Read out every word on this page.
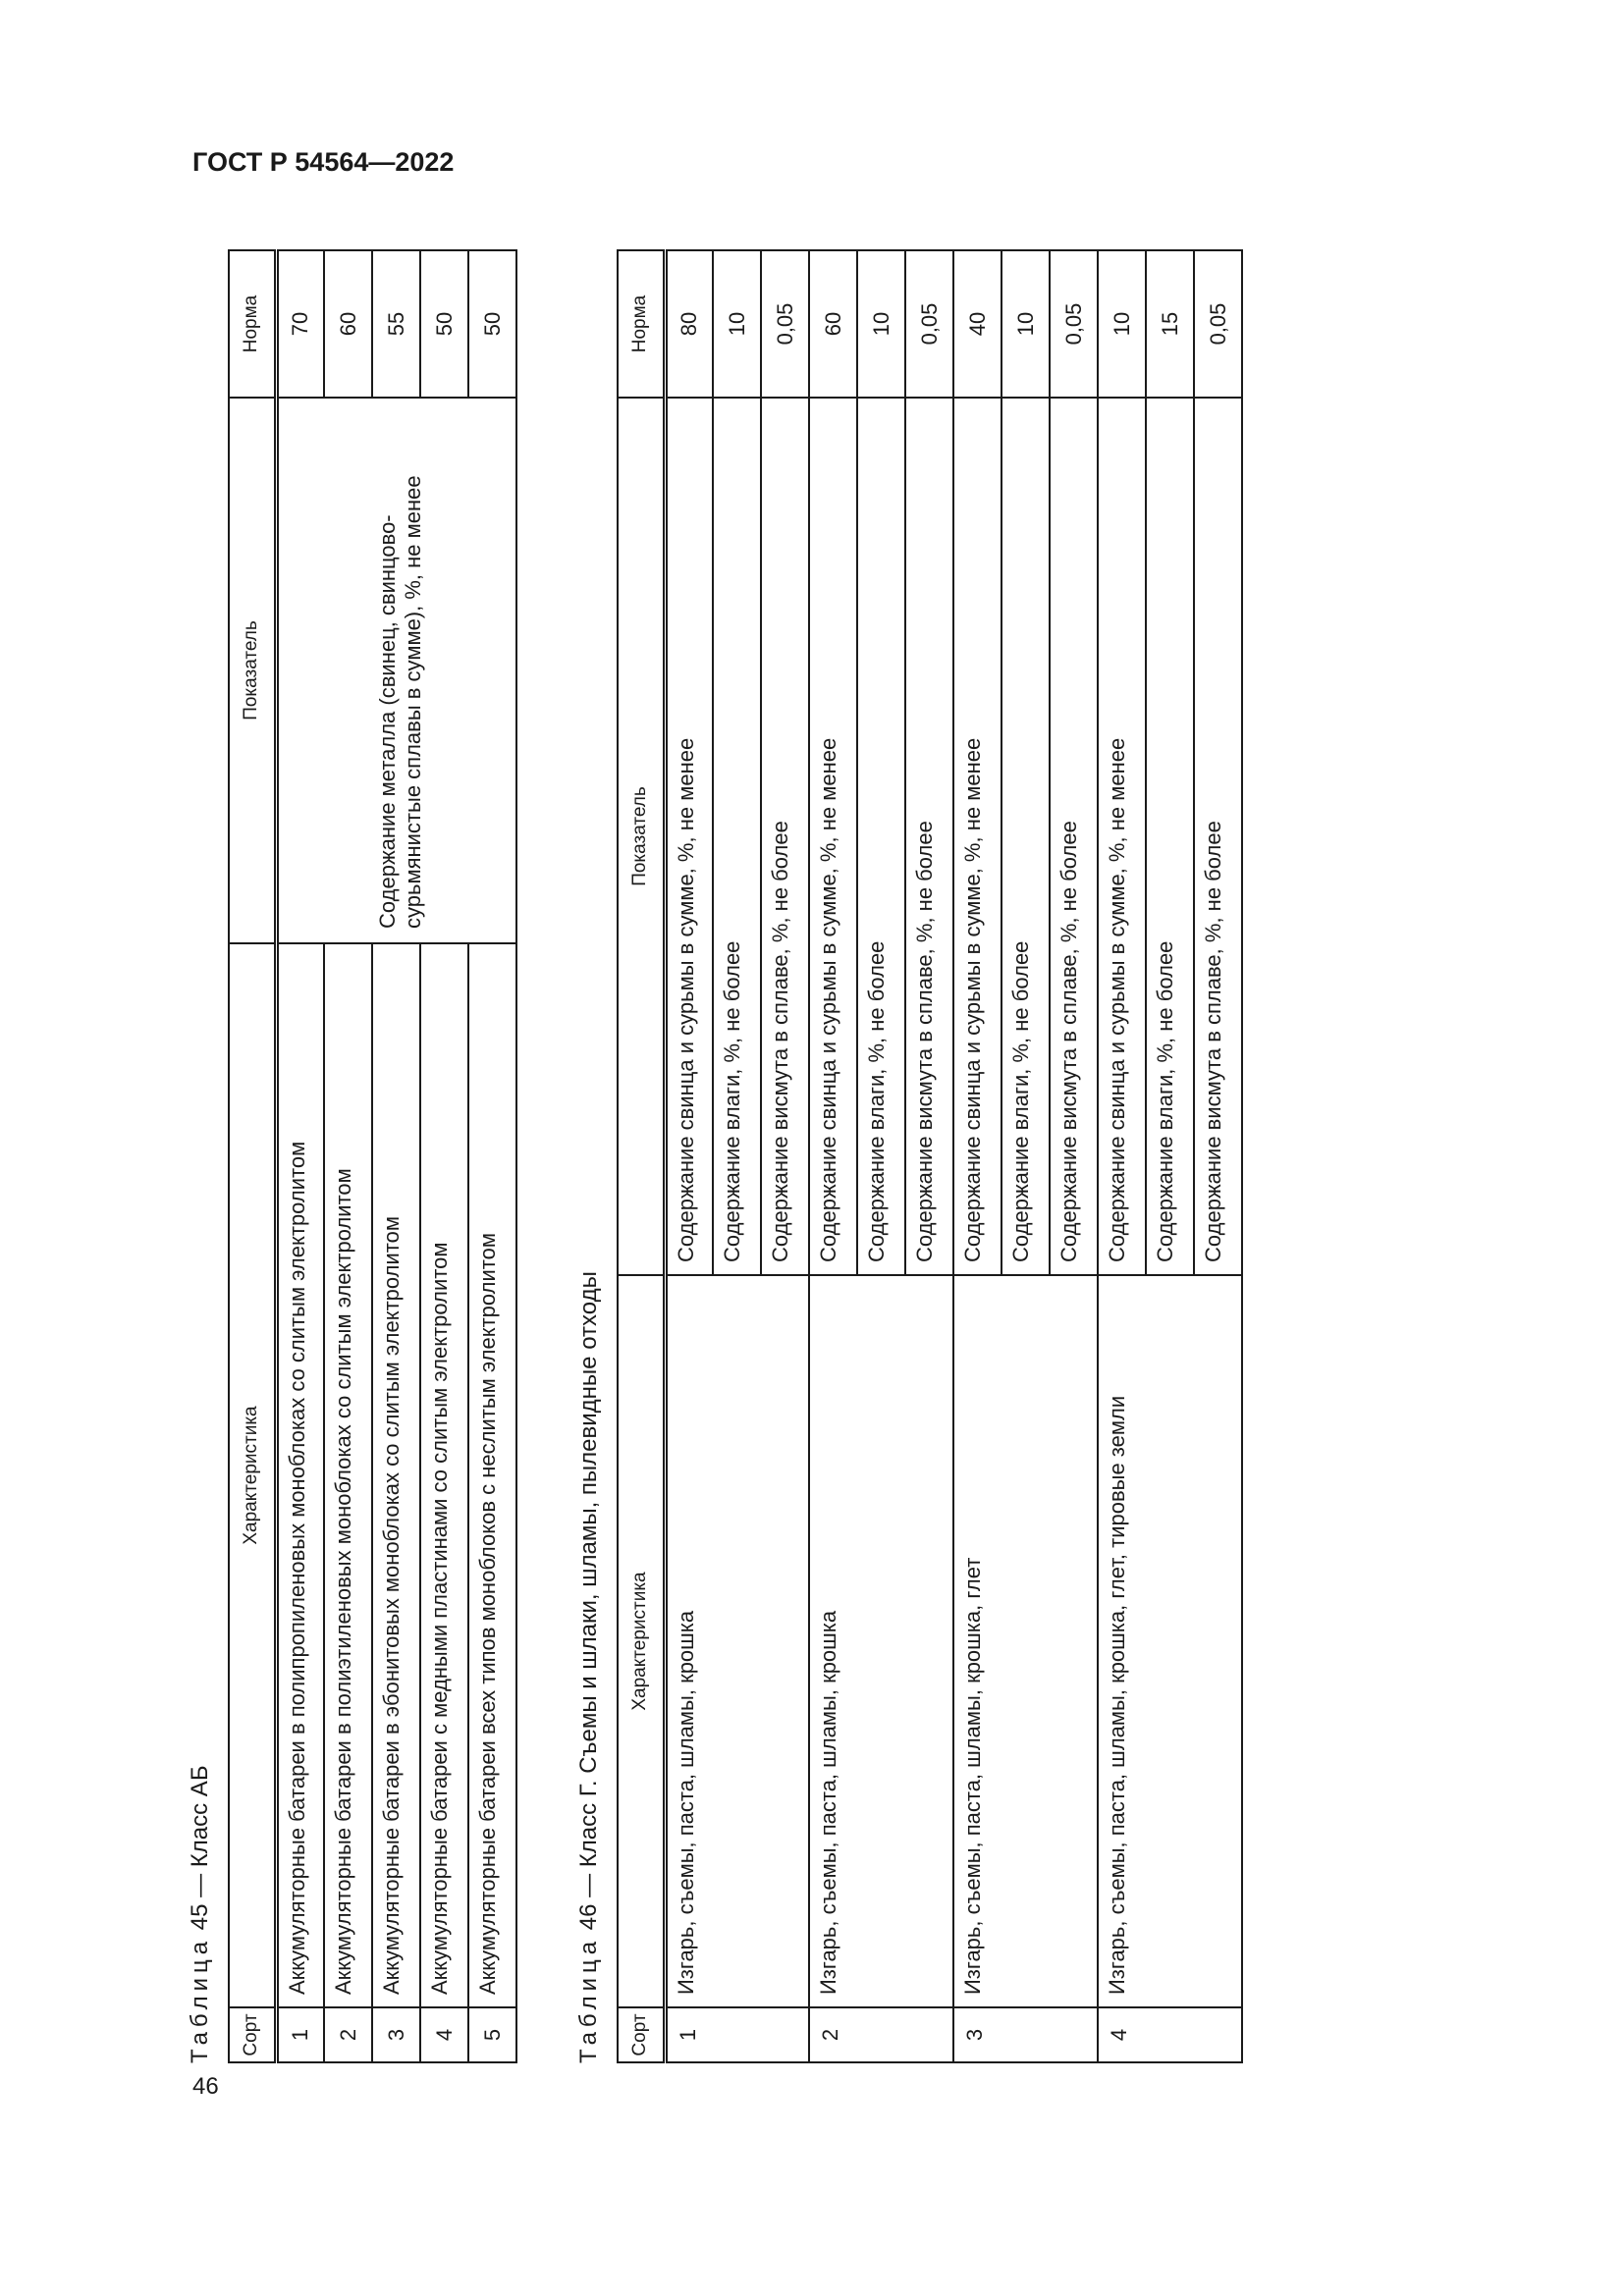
ГОСТ Р 54564—2022
Таблица 45 — Класс АБ
Сорт	Характеристика	Показатель	Норма
1	Аккумуляторные батареи в полипропиленовых моноблоках со слитым электролитом	Содержание металла (свинец, свинцово-сурьмянистые сплавы в сумме), %, не менее	70
2	Аккумуляторные батареи в полиэтиленовых моноблоках со слитым электролитом		60
3	Аккумуляторные батареи в эбонитовых моноблоках со слитым электролитом		55
4	Аккумуляторные батареи с медными пластинами со слитым электролитом		50
5	Аккумуляторные батареи всех типов моноблоков с неслитым электролитом		50
Таблица 46 — Класс Г. Съемы и шлаки, шламы, пылевидные отходы
Сорт	Характеристика	Показатель	Норма
1	Изгарь, съемы, паста, шламы, крошка	Содержание свинца и сурьмы в сумме, %, не менее	80
		Содержание влаги, %, не более	10
		Содержание висмута в сплаве, %, не более	0,05
2	Изгарь, съемы, паста, шламы, крошка	Содержание свинца и сурьмы в сумме, %, не менее	60
		Содержание влаги, %, не более	10
		Содержание висмута в сплаве, %, не более	0,05
3	Изгарь, съемы, паста, шламы, крошка, глет	Содержание свинца и сурьмы в сумме, %, не менее	40
		Содержание влаги, %, не более	10
		Содержание висмута в сплаве, %, не более	0,05
4	Изгарь, съемы, паста, шламы, крошка, глет, тировые земли	Содержание свинца и сурьмы в сумме, %, не менее	10
		Содержание влаги, %, не более	15
		Содержание висмута в сплаве, %, не более	0,05
46
